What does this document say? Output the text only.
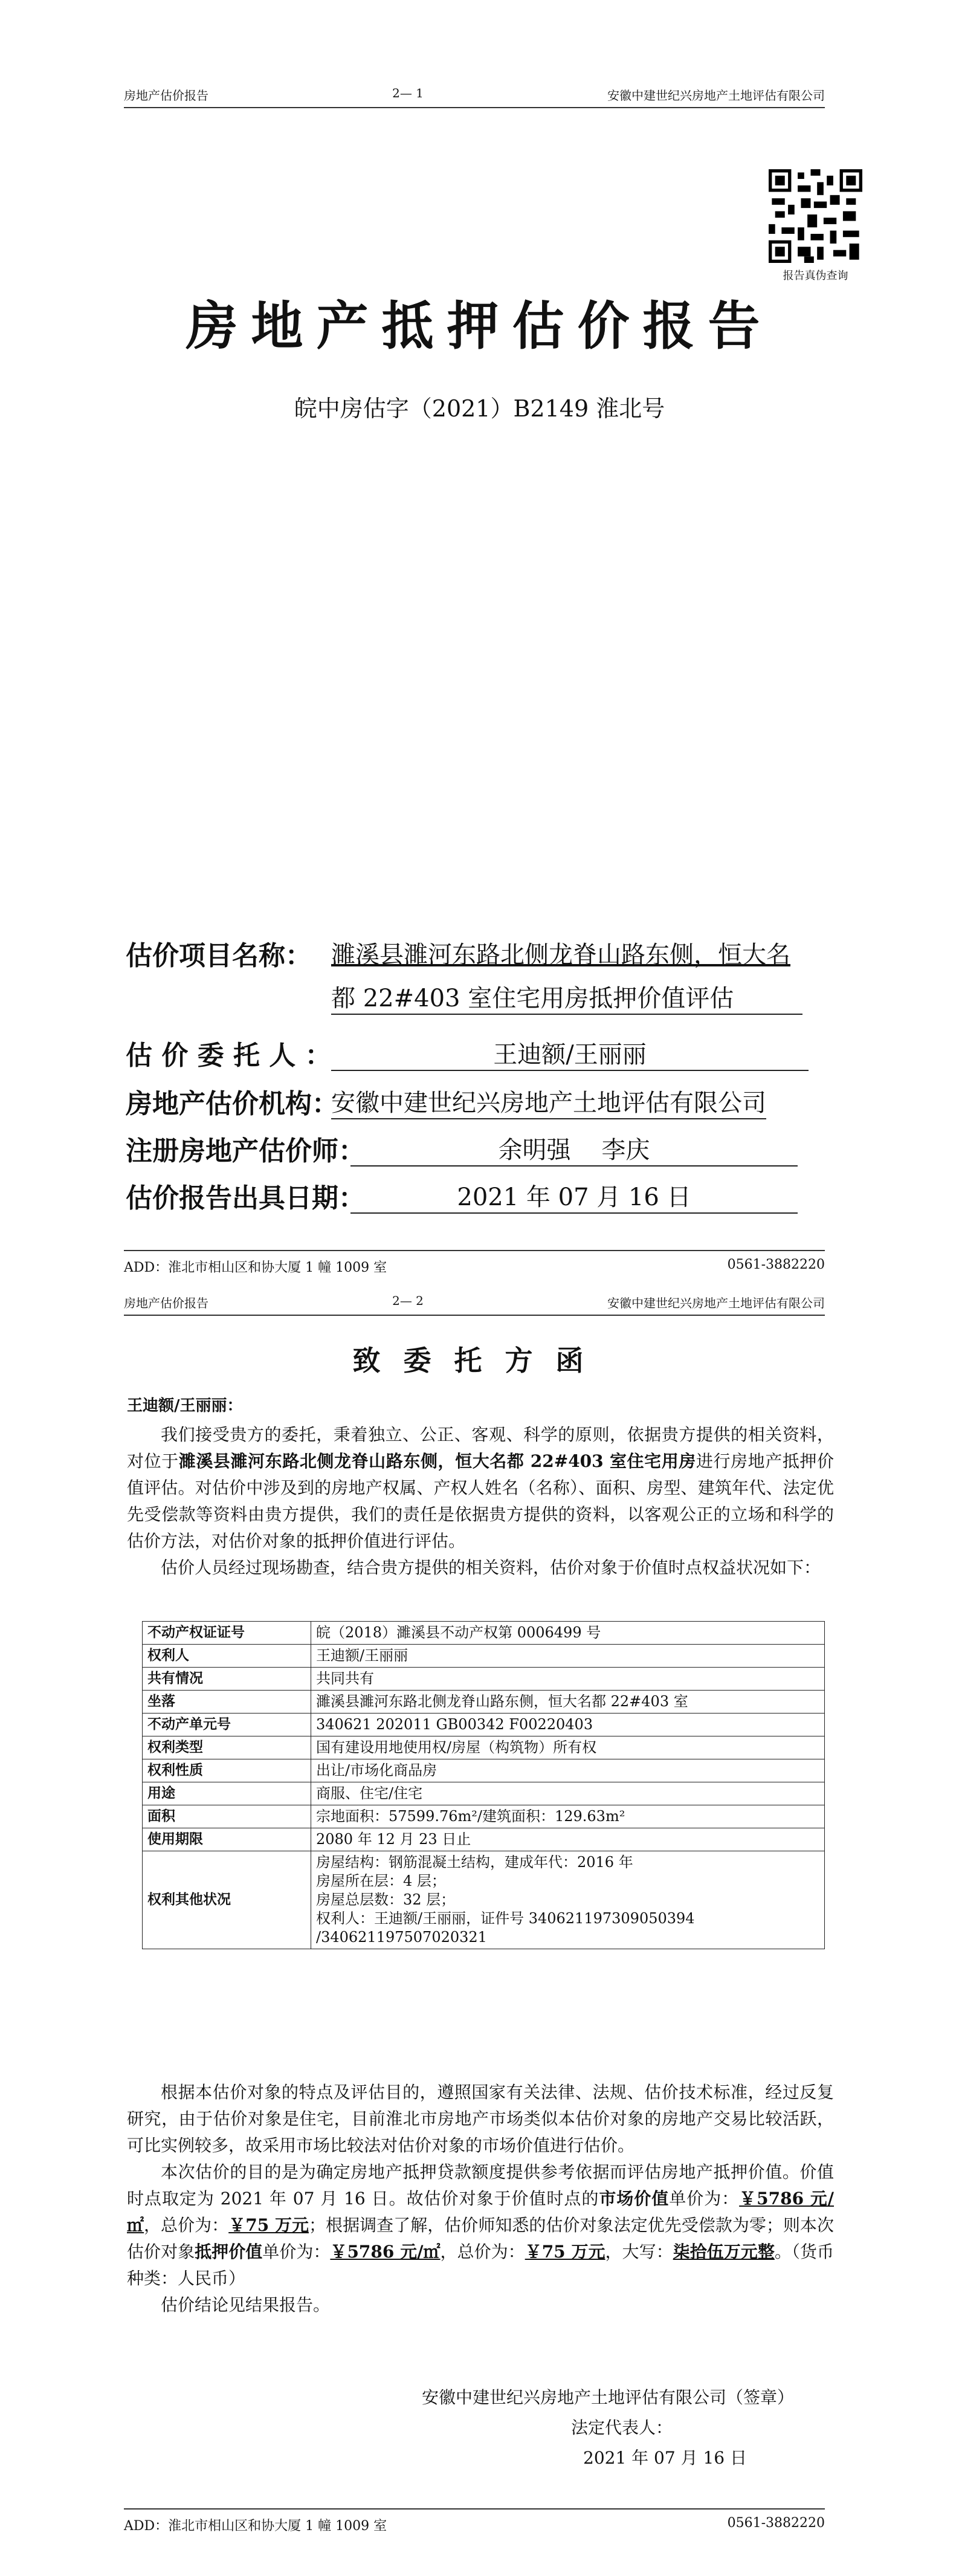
房地产估价报告	2— 1	安徽中建世纪兴房地产土地评估有限公司
报告真伪查询
房地产抵押估价报告
皖中房估字（2021）B2149 淮北号
估价项目名称： 濉溪县濉河东路北侧龙脊山路东侧，恒大名
都 22#403 室住宅用房抵押价值评估
估 价 委 托 人 ：	王迪额/王丽丽
房地产估价机构：
安徽中建世纪兴房地产土地评估有限公司
注册房地产估价师：	余明强    李庆
估价报告出具日期：	2021 年 07 月 16 日
ADD：淮北市相山区和协大厦 1 幢 1009 室	0561-3882220
房地产估价报告	2— 2	安徽中建世纪兴房地产土地评估有限公司
致委托方函
王迪额/王丽丽：

我们接受贵方的委托，秉着独立、公正、客观、科学的原则，依据贵方提供的相关资料，对位于濉溪县濉河东路北侧龙脊山路东侧，恒大名都 22#403 室住宅用房进行房地产抵押价值评估。对估价中涉及到的房地产权属、产权人姓名（名称）、面积、房型、建筑年代、法定优先受偿款等资料由贵方提供，我们的责任是依据贵方提供的资料，以客观公正的立场和科学的估价方法，对估价对象的抵押价值进行评估。

估价人员经过现场勘查，结合贵方提供的相关资料，估价对象于价值时点权益状况如下：

不动产权证证号	皖（2018）濉溪县不动产权第 0006499 号
权利人	王迪额/王丽丽
共有情况	共同共有
坐落	濉溪县濉河东路北侧龙脊山路东侧，恒大名都 22#403 室
不动产单元号	340621 202011 GB00342 F00220403
权利类型	国有建设用地使用权/房屋（构筑物）所有权
权利性质	出让/市场化商品房
用途	商服、住宅/住宅
面积	宗地面积：57599.76m²/建筑面积：129.63m²
使用期限	2080 年 12 月 23 日止
权利其他状况	房屋结构：钢筋混凝土结构，建成年代：2016 年
房屋所在层：4 层；
房屋总层数：32 层；
权利人：王迪额/王丽丽，证件号 340621197309050394
/340621197507020321

根据本估价对象的特点及评估目的，遵照国家有关法律、法规、估价技术标准，经过反复研究，由于估价对象是住宅，目前淮北市房地产市场类似本估价对象的房地产交易比较活跃，可比实例较多，故采用市场比较法对估价对象的市场价值进行估价。

本次估价的目的是为确定房地产抵押贷款额度提供参考依据而评估房地产抵押价值。价值时点取定为 2021 年 07 月 16 日。故估价对象于价值时点的市场价值单价为：￥5786 元/㎡，总价为：￥75 万元；根据调查了解，估价师知悉的估价对象法定优先受偿款为零；则本次估价对象抵押价值单价为：￥5786 元/㎡，总价为：￥75 万元，大写：柒拾伍万元整。（货币种类：人民币）

估价结论见结果报告。

安徽中建世纪兴房地产土地评估有限公司（签章）
法定代表人：
2021 年 07 月 16 日
ADD：淮北市相山区和协大厦 1 幢 1009 室	0561-3882220
